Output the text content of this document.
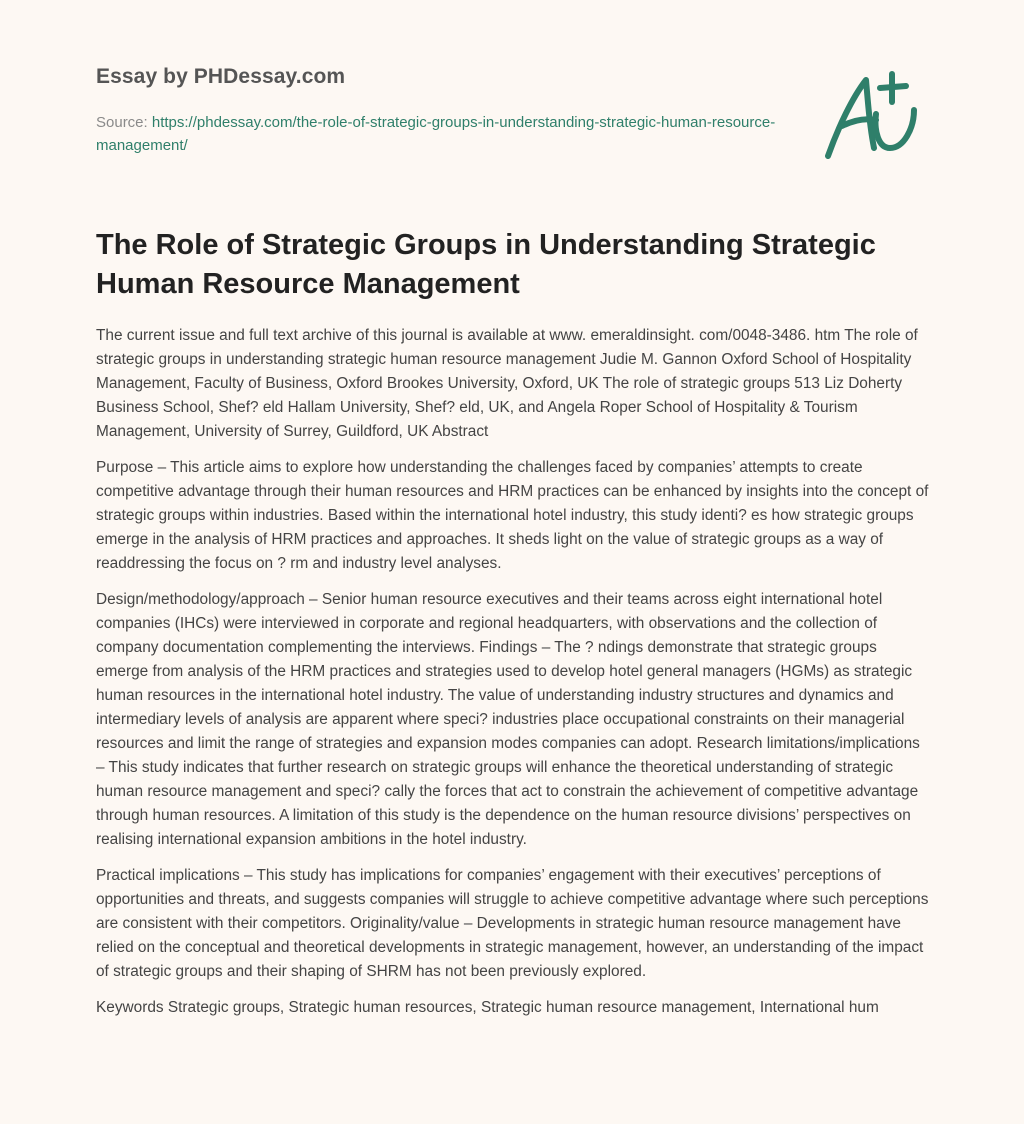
Essay by PHDessay.com
Source: https://phdessay.com/the-role-of-strategic-groups-in-understanding-strategic-human-resource-management/
The Role of Strategic Groups in Understanding Strategic Human Resource Management

The current issue and full text archive of this journal is available at www. emeraldinsight. com/0048-3486. htm The role of strategic groups in understanding strategic human resource management Judie M. Gannon Oxford School of Hospitality Management, Faculty of Business, Oxford Brookes University, Oxford, UK The role of strategic groups 513 Liz Doherty Business School, Shef? eld Hallam University, Shef? eld, UK, and Angela Roper School of Hospitality & Tourism Management, University of Surrey, Guildford, UK Abstract

Purpose – This article aims to explore how understanding the challenges faced by companies’ attempts to create competitive advantage through their human resources and HRM practices can be enhanced by insights into the concept of strategic groups within industries. Based within the international hotel industry, this study identi? es how strategic groups emerge in the analysis of HRM practices and approaches. It sheds light on the value of strategic groups as a way of readdressing the focus on ? rm and industry level analyses.

Design/methodology/approach – Senior human resource executives and their teams across eight international hotel companies (IHCs) were interviewed in corporate and regional headquarters, with observations and the collection of company documentation complementing the interviews. Findings – The ? ndings demonstrate that strategic groups emerge from analysis of the HRM practices and strategies used to develop hotel general managers (HGMs) as strategic human resources in the international hotel industry. The value of understanding industry structures and dynamics and intermediary levels of analysis are apparent where speci? industries place occupational constraints on their managerial resources and limit the range of strategies and expansion modes companies can adopt. Research limitations/implications – This study indicates that further research on strategic groups will enhance the theoretical understanding of strategic human resource management and speci? cally the forces that act to constrain the achievement of competitive advantage through human resources. A limitation of this study is the dependence on the human resource divisions’ perspectives on realising international expansion ambitions in the hotel industry.

Practical implications – This study has implications for companies’ engagement with their executives’ perceptions of opportunities and threats, and suggests companies will struggle to achieve competitive advantage where such perceptions are consistent with their competitors. Originality/value – Developments in strategic human resource management have relied on the conceptual and theoretical developments in strategic management, however, an understanding of the impact of strategic groups and their shaping of SHRM has not been previously explored.

Keywords Strategic groups, Strategic human resources, Strategic human resource management, International hum
